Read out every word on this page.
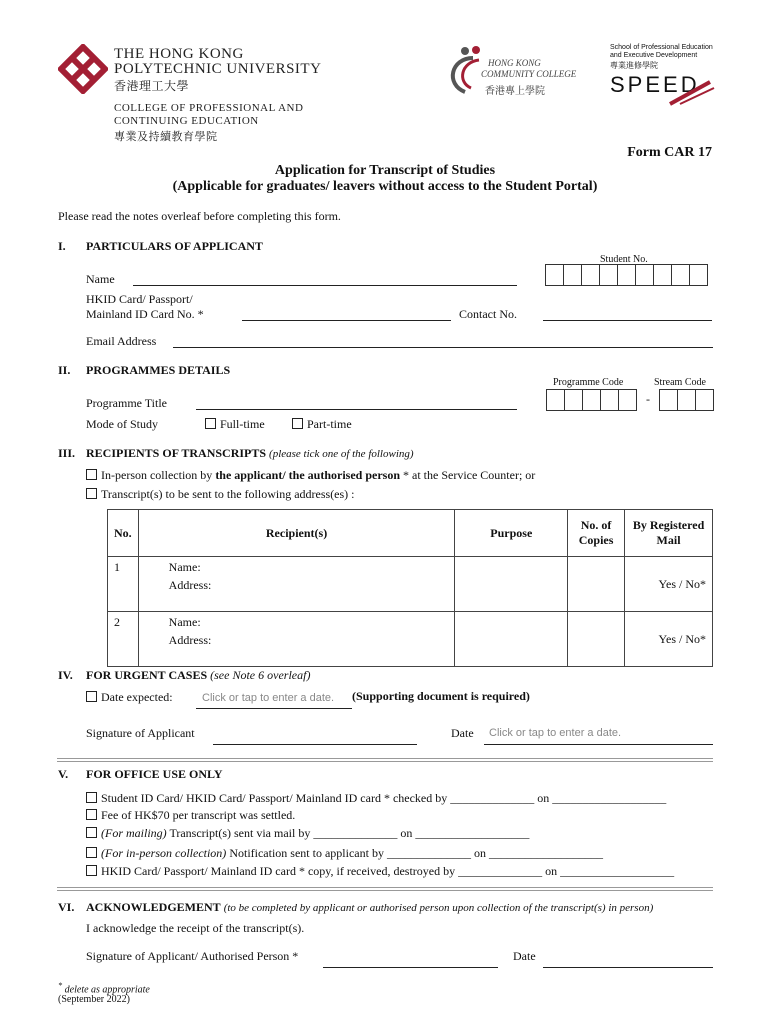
THE HONG KONG
POLYTECHNIC UNIVERSITY
香港理工大學
COLLEGE OF PROFESSIONAL AND
CONTINUING EDUCATION
專業及持續教育學院
HONG KONG
COMMUNITY COLLEGE
香港專上學院
School of Professional Education
and Executive Development
專業進修學院
SPEED
Form CAR 17
Application for Transcript of Studies
(Applicable for graduates/ leavers without access to the Student Portal)
Please read the notes overleaf before completing this form.
I. PARTICULARS OF APPLICANT
Student No.
Name
HKID Card/ Passport/
Mainland ID Card No. *	Contact No.
Email Address
II. PROGRAMMES DETAILS
Programme Code	Stream Code
-
Programme Title
Mode of Study	Full-time	Part-time
III. RECIPIENTS OF TRANSCRIPTS (please tick one of the following)
In-person collection by the applicant/ the authorised person * at the Service Counter; or
Transcript(s) to be sent to the following address(es) :
No.	Recipient(s)	Purpose	No. of Copies	By Registered Mail
1	Name:
Address:			Yes / No*
2	Name:
Address:			Yes / No*
IV. FOR URGENT CASES (see Note 6 overleaf)
Date expected:	Click or tap to enter a date. (Supporting document is required)
Signature of Applicant	Date Click or tap to enter a date.
V. FOR OFFICE USE ONLY
Student ID Card/ HKID Card/ Passport/ Mainland ID card * checked by ______________ on ___________________
Fee of HK$70 per transcript was settled.
(For mailing) Transcript(s) sent via mail by ______________ on ___________________
(For in-person collection) Notification sent to applicant by ______________ on ___________________
HKID Card/ Passport/ Mainland ID card * copy, if received, destroyed by ______________ on ___________________
VI. ACKNOWLEDGEMENT (to be completed by applicant or authorised person upon collection of the transcript(s) in person)
I acknowledge the receipt of the transcript(s).
Signature of Applicant/ Authorised Person *	Date
* delete as appropriate
(September 2022)
